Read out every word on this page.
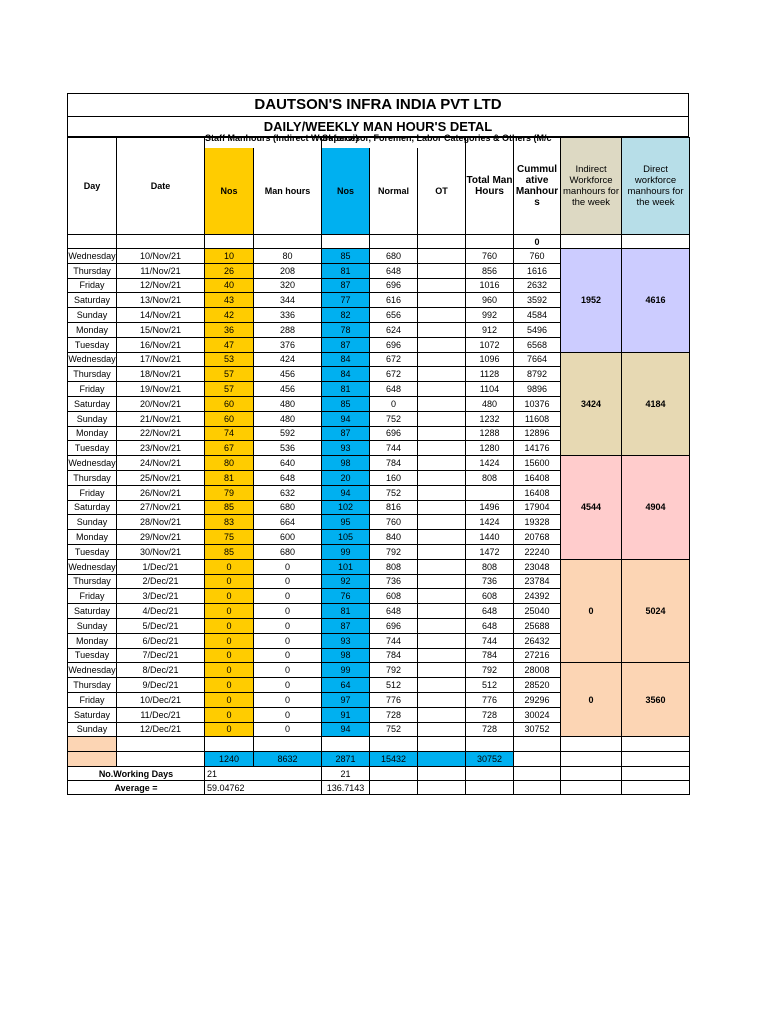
DAUTSON'S INFRA INDIA PVT LTD
DAILY/WEEKLY MAN HOUR'S DETAL
Day	Date	Staff Manhours (Indirect Workforce)		Supervisor, Foremen, Labor Categories & Others (M/c			Total Man Hours	Cummul ative Manhour s	Indirect Workforce manhours for the week	Direct workforce manhours for the week
		Nos	Man hours	Nos	Normal	OT				
								0		
Wednesday	10/Nov/21	10	80	85	680		760	760	1952	4616
Thursday	11/Nov/21	26	208	81	648		856	1616		
Friday	12/Nov/21	40	320	87	696		1016	2632		
Saturday	13/Nov/21	43	344	77	616		960	3592		
Sunday	14/Nov/21	42	336	82	656		992	4584		
Monday	15/Nov/21	36	288	78	624		912	5496		
Tuesday	16/Nov/21	47	376	87	696		1072	6568		
Wednesday	17/Nov/21	53	424	84	672		1096	7664	3424	4184
Thursday	18/Nov/21	57	456	84	672		1128	8792		
Friday	19/Nov/21	57	456	81	648		1104	9896		
Saturday	20/Nov/21	60	480	85	0		480	10376		
Sunday	21/Nov/21	60	480	94	752		1232	11608		
Monday	22/Nov/21	74	592	87	696		1288	12896		
Tuesday	23/Nov/21	67	536	93	744		1280	14176		
Wednesday	24/Nov/21	80	640	98	784		1424	15600	4544	4904
Thursday	25/Nov/21	81	648	20	160		808	16408		
Friday	26/Nov/21	79	632	94	752			16408		
Saturday	27/Nov/21	85	680	102	816		1496	17904		
Sunday	28/Nov/21	83	664	95	760		1424	19328		
Monday	29/Nov/21	75	600	105	840		1440	20768		
Tuesday	30/Nov/21	85	680	99	792		1472	22240		
Wednesday	1/Dec/21	0	0	101	808		808	23048	0	5024
Thursday	2/Dec/21	0	0	92	736		736	23784		
Friday	3/Dec/21	0	0	76	608		608	24392		
Saturday	4/Dec/21	0	0	81	648		648	25040		
Sunday	5/Dec/21	0	0	87	696		648	25688		
Monday	6/Dec/21	0	0	93	744		744	26432		
Tuesday	7/Dec/21	0	0	98	784		784	27216		
Wednesday	8/Dec/21	0	0	99	792		792	28008	0	3560
Thursday	9/Dec/21	0	0	64	512		512	28520		
Friday	10/Dec/21	0	0	97	776		776	29296		
Saturday	11/Dec/21	0	0	91	728		728	30024		
Sunday	12/Dec/21	0	0	94	752		728	30752		

		1240	8632	2871	15432		30752			
No.Working Days		21		21						
Average =		59.04762		136.7143						
